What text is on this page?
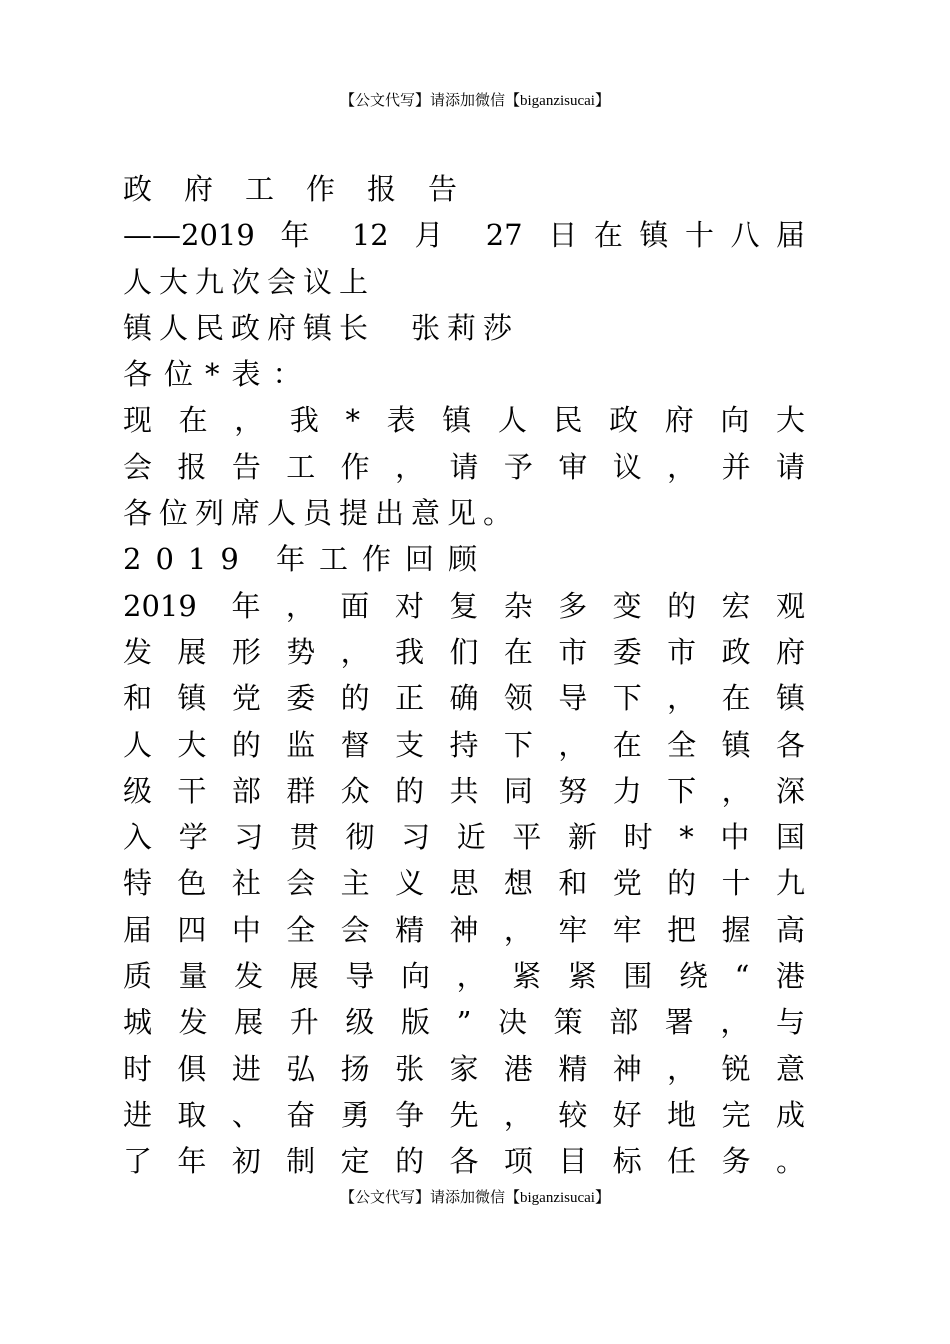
【公文代写】请添加微信【biganzisucai】
政府工作报告
——2019 年 12 月 27 日在镇十八届
人大九次会议上
镇人民政府镇长　张莉莎
各位*表：
现在，我*表镇人民政府向大
会报告工作，请予审议，并请
各位列席人员提出意见。
2019 年工作回顾
2019 年，面对复杂多变的宏观
发展形势，我们在市委市政府
和镇党委的正确领导下，在镇
人大的监督支持下，在全镇各
级干部群众的共同努力下，深
入学习贯彻习近平新时*中国
特色社会主义思想和党的十九
届四中全会精神，牢牢把握高
质量发展导向，紧紧围绕“港
城发展升级版”决策部署，与
时俱进弘扬张家港精神，锐意
进取、奋勇争先，较好地完成
了年初制定的各项目标任务。
【公文代写】请添加微信【biganzisucai】
